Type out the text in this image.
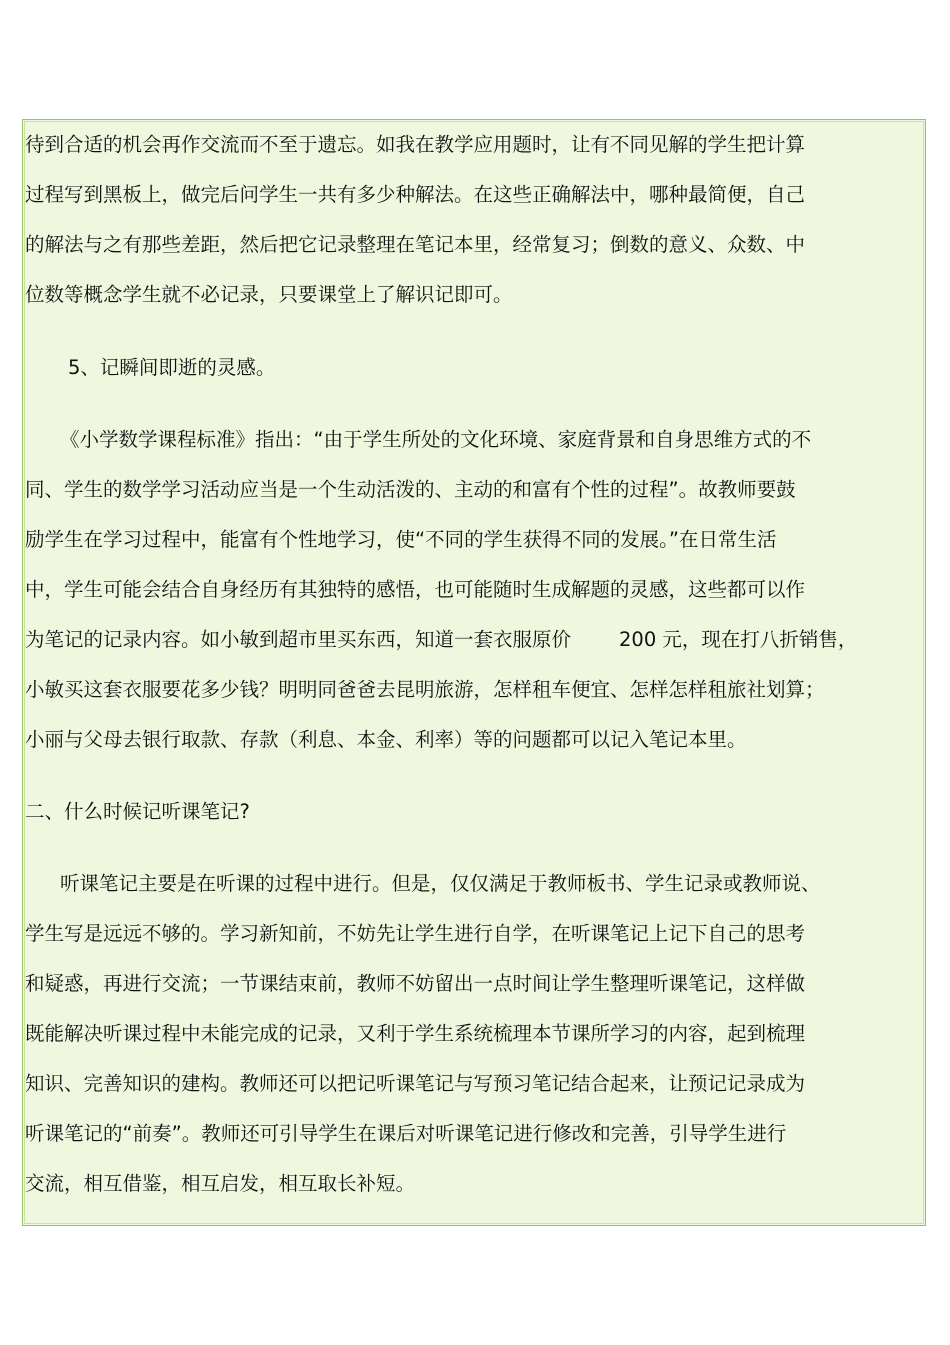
待到合适的机会再作交流而不至于遗忘。如我在教学应用题时，让有不同见解的学生把计算

过程写到黑板上，做完后问学生一共有多少种解法。在这些正确解法中，哪种最简便，自己

的解法与之有那些差距，然后把它记录整理在笔记本里，经常复习；倒数的意义、众数、中

位数等概念学生就不必记录，只要课堂上了解识记即可。

5、记瞬间即逝的灵感。

《小学数学课程标准》指出：“由于学生所处的文化环境、家庭背景和自身思维方式的不

同、学生的数学学习活动应当是一个生动活泼的、主动的和富有个性的过程”。故教师要鼓

励学生在学习过程中，能富有个性地学习，使“不同的学生获得不同的发展。”在日常生活

中，学生可能会结合自身经历有其独特的感悟，也可能随时生成解题的灵感，这些都可以作

为笔记的记录内容。如小敏到超市里买东西，知道一套衣服原价 200 元，现在打八折销售，

小敏买这套衣服要花多少钱？明明同爸爸去昆明旅游，怎样租车便宜、怎样怎样租旅社划算；

小丽与父母去银行取款、存款（利息、本金、利率）等的问题都可以记入笔记本里。

二、什么时候记听课笔记?

听课笔记主要是在听课的过程中进行。但是，仅仅满足于教师板书、学生记录或教师说、

学生写是远远不够的。学习新知前，不妨先让学生进行自学，在听课笔记上记下自己的思考

和疑惑，再进行交流；一节课结束前，教师不妨留出一点时间让学生整理听课笔记，这样做

既能解决听课过程中未能完成的记录，又利于学生系统梳理本节课所学习的内容，起到梳理

知识、完善知识的建构。教师还可以把记听课笔记与写预习笔记结合起来，让预记记录成为

听课笔记的“前奏”。教师还可引导学生在课后对听课笔记进行修改和完善，引导学生进行

交流，相互借鉴，相互启发，相互取长补短。
